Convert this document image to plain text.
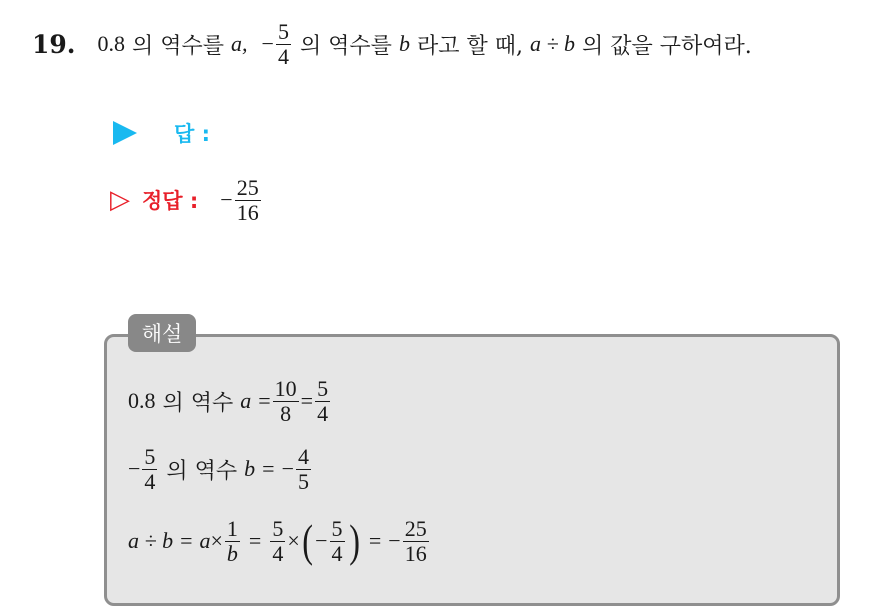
19. 0.8 의 역수를 a, − $\frac{5}{4}$ 의 역수를 b 라고 할 때, a ÷ b 의 값을 구하여라.
답 :
▷ 정답 : − $\frac{25}{16}$
해설
0.8 의 역수 $a = \frac{10}{8} = \frac{5}{4}$
− $\frac{5}{4}$ 의 역수 b = − $\frac{4}{5}$
$a \div b = a \times \frac{1}{b} = \frac{5}{4}$ × ( − $\frac{5}{4}$ ) = − $\frac{25}{16}$
